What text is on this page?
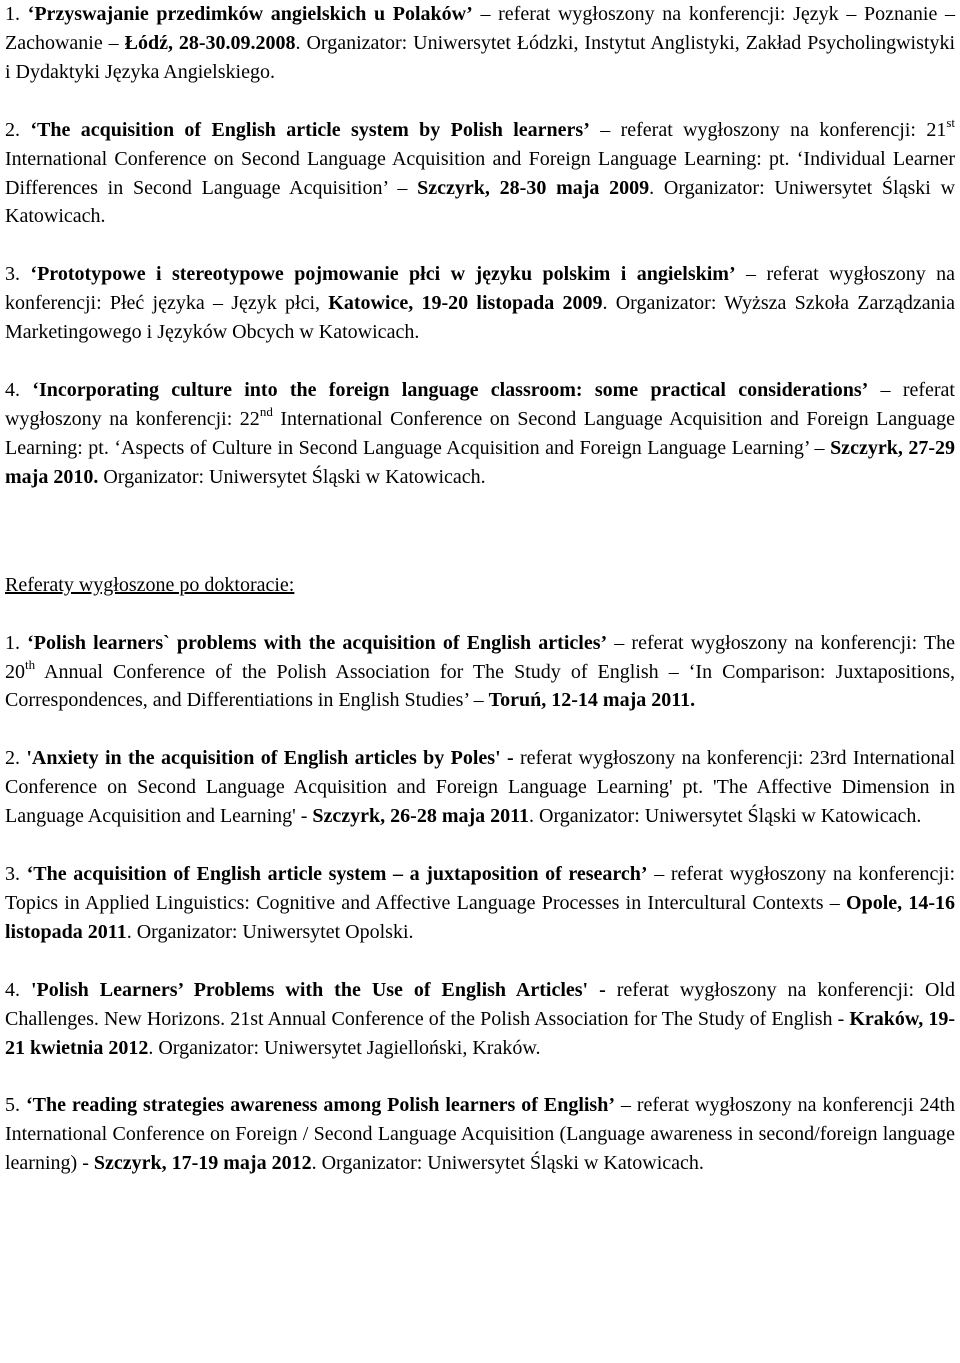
1. ‘Przyswajanie przedimków angielskich u Polaków’ – referat wygłoszony na konferencji: Język – Poznanie – Zachowanie – Łódź, 28-30.09.2008. Organizator: Uniwersytet Łódzki, Instytut Anglistyki, Zakład Psycholingwistyki i Dydaktyki Języka Angielskiego.
2. ‘The acquisition of English article system by Polish learners’ – referat wygłoszony na konferencji: 21st International Conference on Second Language Acquisition and Foreign Language Learning: pt. ‘Individual Learner Differences in Second Language Acquisition’ – Szczyrk, 28-30 maja 2009. Organizator: Uniwersytet Śląski w Katowicach.
3. ‘Prototypowe i stereotypowe pojmowanie płci w języku polskim i angielskim’ – referat wygłoszony na konferencji: Płeć języka – Język płci, Katowice, 19-20 listopada 2009. Organizator: Wyższa Szkoła Zarządzania Marketingowego i Języków Obcych w Katowicach.
4. ‘Incorporating culture into the foreign language classroom: some practical considerations’ – referat wygłoszony na konferencji: 22nd International Conference on Second Language Acquisition and Foreign Language Learning: pt. ‘Aspects of Culture in Second Language Acquisition and Foreign Language Learning’ – Szczyrk, 27-29 maja 2010. Organizator: Uniwersytet Śląski w Katowicach.
Referaty wygłoszone po doktoracie:
1. ‘Polish learners` problems with the acquisition of English articles’ – referat wygłoszony na konferencji: The 20th Annual Conference of the Polish Association for The Study of English – ‘In Comparison: Juxtapositions, Correspondences, and Differentiations in English Studies’ – Toruń, 12-14 maja 2011.
2. 'Anxiety in the acquisition of English articles by Poles' - referat wygłoszony na konferencji: 23rd International Conference on Second Language Acquisition and Foreign Language Learning' pt. 'The Affective Dimension in Language Acquisition and Learning' - Szczyrk, 26-28 maja 2011. Organizator: Uniwersytet Śląski w Katowicach.
3. ‘The acquisition of English article system – a juxtaposition of research’ – referat wygłoszony na konferencji: Topics in Applied Linguistics: Cognitive and Affective Language Processes in Intercultural Contexts – Opole, 14-16 listopada 2011. Organizator: Uniwersytet Opolski.
4. 'Polish Learners’ Problems with the Use of English Articles' - referat wygłoszony na konferencji: Old Challenges. New Horizons. 21st Annual Conference of the Polish Association for The Study of English - Kraków, 19-21 kwietnia 2012. Organizator: Uniwersytet Jagielloński, Kraków.
5. ‘The reading strategies awareness among Polish learners of English’ – referat wygłoszony na konferencji 24th International Conference on Foreign / Second Language Acquisition (Language awareness in second/foreign language learning) - Szczyrk, 17-19 maja 2012. Organizator: Uniwersytet Śląski w Katowicach.
